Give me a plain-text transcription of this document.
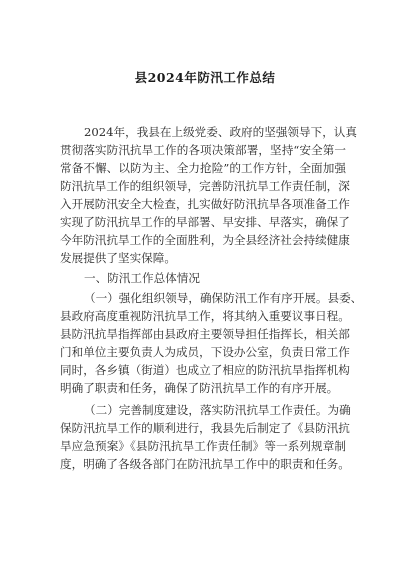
县2024年防汛工作总结
2024年，我县在上级党委、政府的坚强领导下，认真
贯彻落实防汛抗旱工作的各项决策部署，坚持“安全第一
常备不懈、以防为主、全力抢险”的工作方针，全面加强
防汛抗旱工作的组织领导，完善防汛抗旱工作责任制，深
入开展防汛安全大检查，扎实做好防汛抗旱各项准备工作
实现了防汛抗旱工作的早部署、早安排、早落实，确保了
今年防汛抗旱工作的全面胜利，为全县经济社会持续健康
发展提供了坚实保障。
一、防汛工作总体情况
（一）强化组织领导，确保防汛工作有序开展。县委、
县政府高度重视防汛抗旱工作，将其纳入重要议事日程。
县防汛抗旱指挥部由县政府主要领导担任指挥长，相关部
门和单位主要负责人为成员，下设办公室，负责日常工作
同时，各乡镇（街道）也成立了相应的防汛抗旱指挥机构
明确了职责和任务，确保了防汛抗旱工作的有序开展。
（二）完善制度建设，落实防汛抗旱工作责任。为确
保防汛抗旱工作的顺利进行，我县先后制定了《县防汛抗
旱应急预案》《县防汛抗旱工作责任制》等一系列规章制
度，明确了各级各部门在防汛抗旱工作中的职责和任务。
